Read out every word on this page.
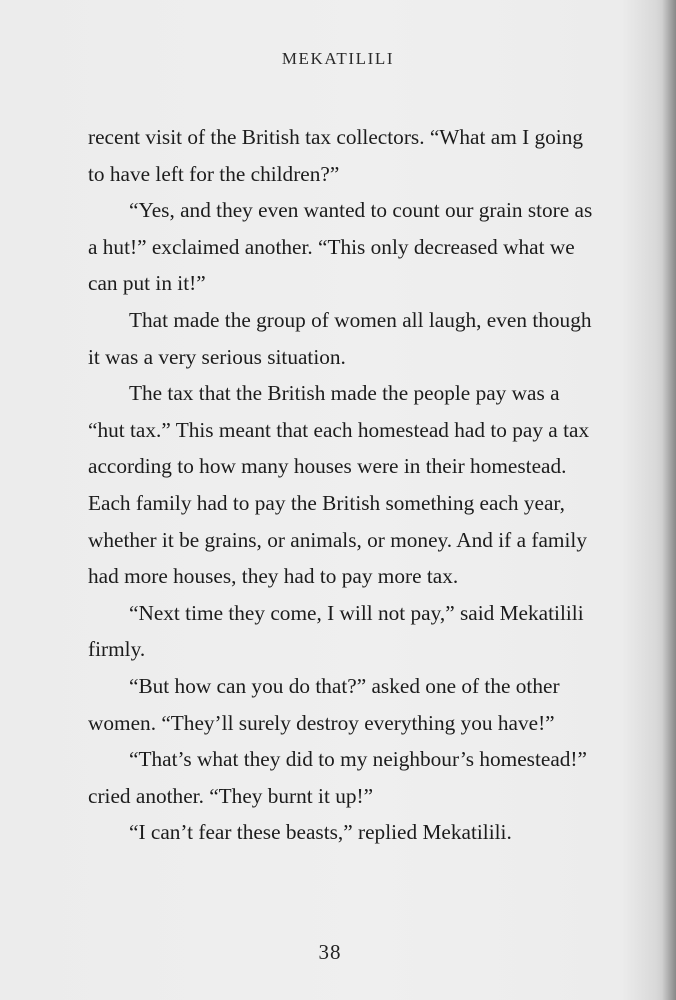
MEKATILILI

recent visit of the British tax collectors. “What am I going to have left for the children?”

“Yes, and they even wanted to count our grain store as a hut!” exclaimed another. “This only decreased what we can put in it!”

That made the group of women all laugh, even though it was a very serious situation.

The tax that the British made the people pay was a “hut tax.” This meant that each homestead had to pay a tax according to how many houses were in their homestead. Each family had to pay the British something each year, whether it be grains, or animals, or money. And if a family had more houses, they had to pay more tax.

“Next time they come, I will not pay,” said Mekatilili firmly.

“But how can you do that?” asked one of the other women. “They’ll surely destroy everything you have!”

“That’s what they did to my neighbour’s homestead!” cried another. “They burnt it up!”

“I can’t fear these beasts,” replied Mekatilili.

38
